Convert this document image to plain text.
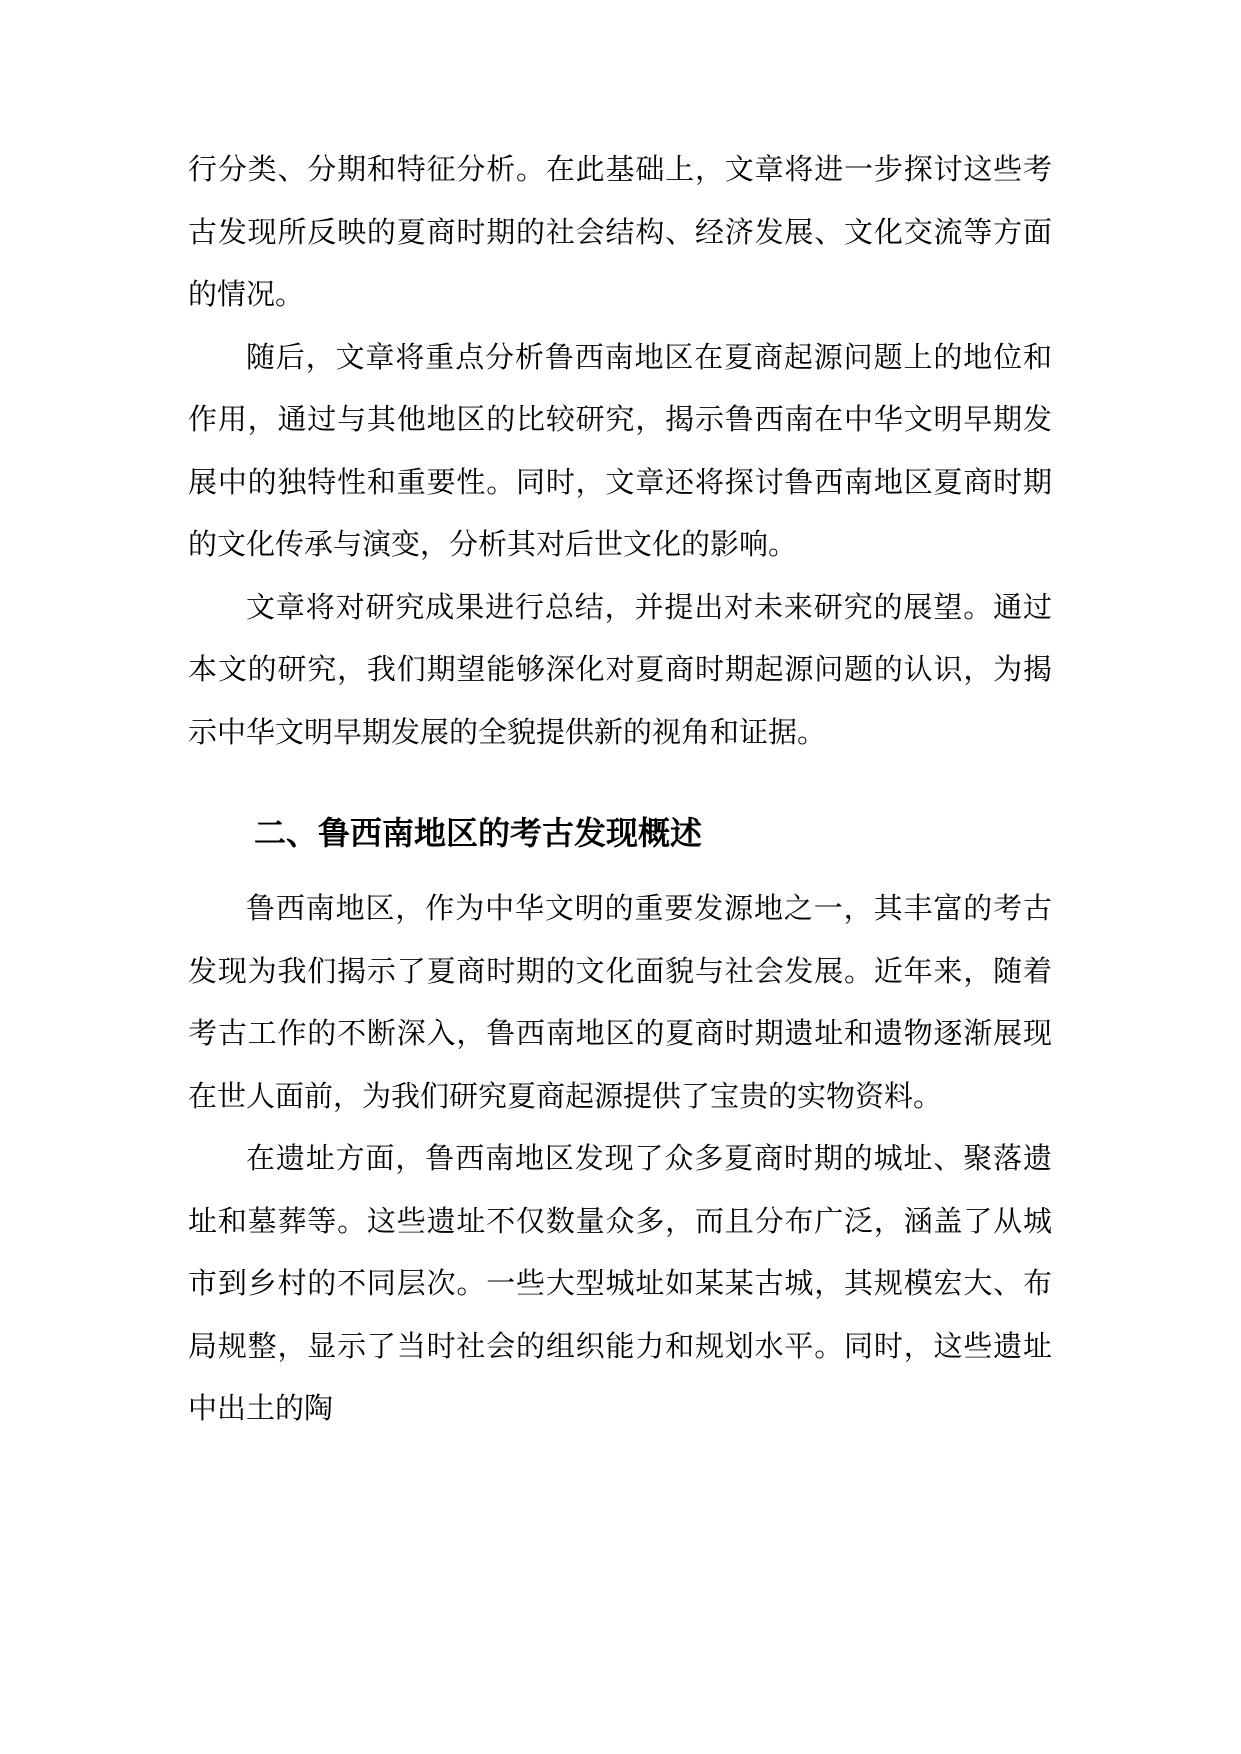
行分类、分期和特征分析。在此基础上，文章将进一步探讨这些考古发现所反映的夏商时期的社会结构、经济发展、文化交流等方面的情况。

随后，文章将重点分析鲁西南地区在夏商起源问题上的地位和作用，通过与其他地区的比较研究，揭示鲁西南在中华文明早期发展中的独特性和重要性。同时，文章还将探讨鲁西南地区夏商时期的文化传承与演变，分析其对后世文化的影响。

文章将对研究成果进行总结，并提出对未来研究的展望。通过本文的研究，我们期望能够深化对夏商时期起源问题的认识，为揭示中华文明早期发展的全貌提供新的视角和证据。

二、鲁西南地区的考古发现概述

鲁西南地区，作为中华文明的重要发源地之一，其丰富的考古发现为我们揭示了夏商时期的文化面貌与社会发展。近年来，随着考古工作的不断深入，鲁西南地区的夏商时期遗址和遗物逐渐展现在世人面前，为我们研究夏商起源提供了宝贵的实物资料。

在遗址方面，鲁西南地区发现了众多夏商时期的城址、聚落遗址和墓葬等。这些遗址不仅数量众多，而且分布广泛，涵盖了从城市到乡村的不同层次。一些大型城址如某某古城，其规模宏大、布局规整，显示了当时社会的组织能力和规划水平。同时，这些遗址中出土的陶
